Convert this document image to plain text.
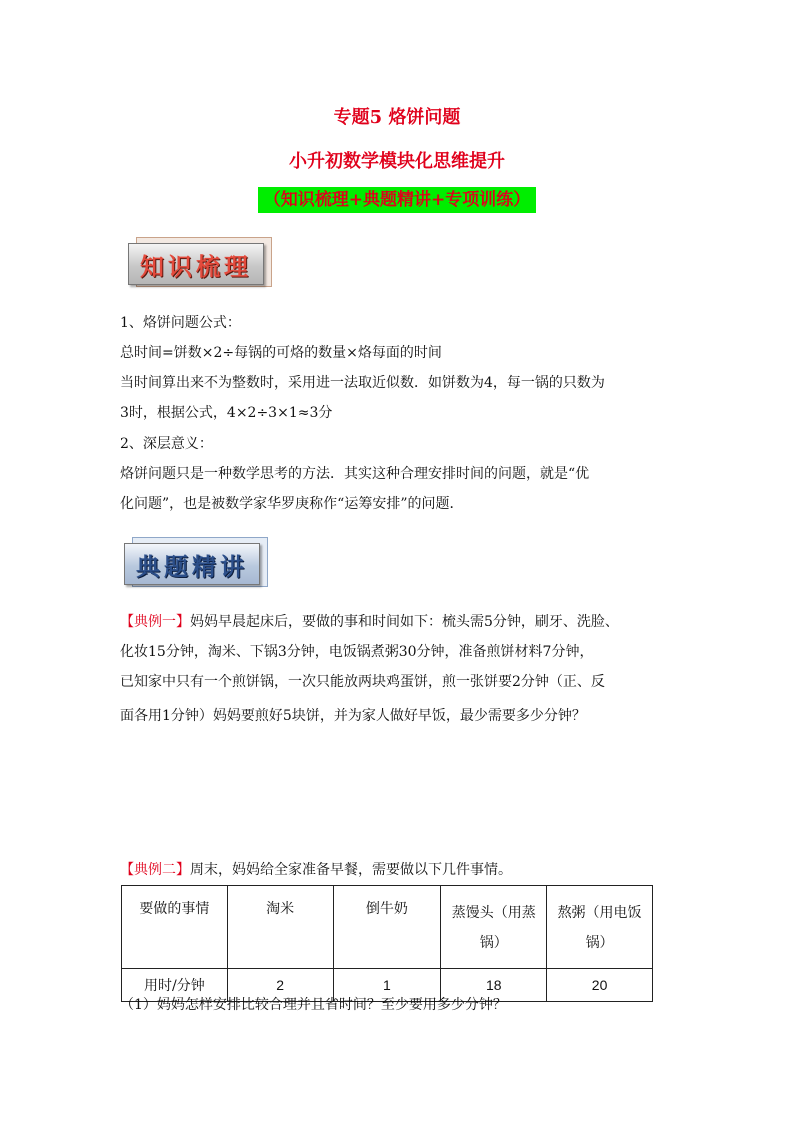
专题5 烙饼问题
小升初数学模块化思维提升
（知识梳理+典题精讲+专项训练）
知识梳理
1、烙饼问题公式：
总时间=饼数×2÷每锅的可烙的数量×烙每面的时间
当时间算出来不为整数时，采用进一法取近似数．如饼数为4，每一锅的只数为
3时，根据公式，4×2÷3×1≈3分
2、深层意义：
烙饼问题只是一种数学思考的方法．其实这种合理安排时间的问题，就是“优
化问题”，也是被数学家华罗庚称作“运筹安排”的问题．
典题精讲
【典例一】妈妈早晨起床后，要做的事和时间如下：梳头需5分钟，刷牙、洗脸、
化妆15分钟，淘米、下锅3分钟，电饭锅煮粥30分钟，准备煎饼材料7分钟，
已知家中只有一个煎饼锅，一次只能放两块鸡蛋饼，煎一张饼要2分钟（正、反
面各用1分钟）妈妈要煎好5块饼，并为家人做好早饭，最少需要多少分钟？
【典例二】周末，妈妈给全家准备早餐，需要做以下几件事情。
要做的事情	淘米	倒牛奶	蒸馒头（用蒸锅）	熬粥（用电饭锅）
用时/分钟	2	1	18	20
（1）妈妈怎样安排比较合理并且省时间？至少要用多少分钟？
